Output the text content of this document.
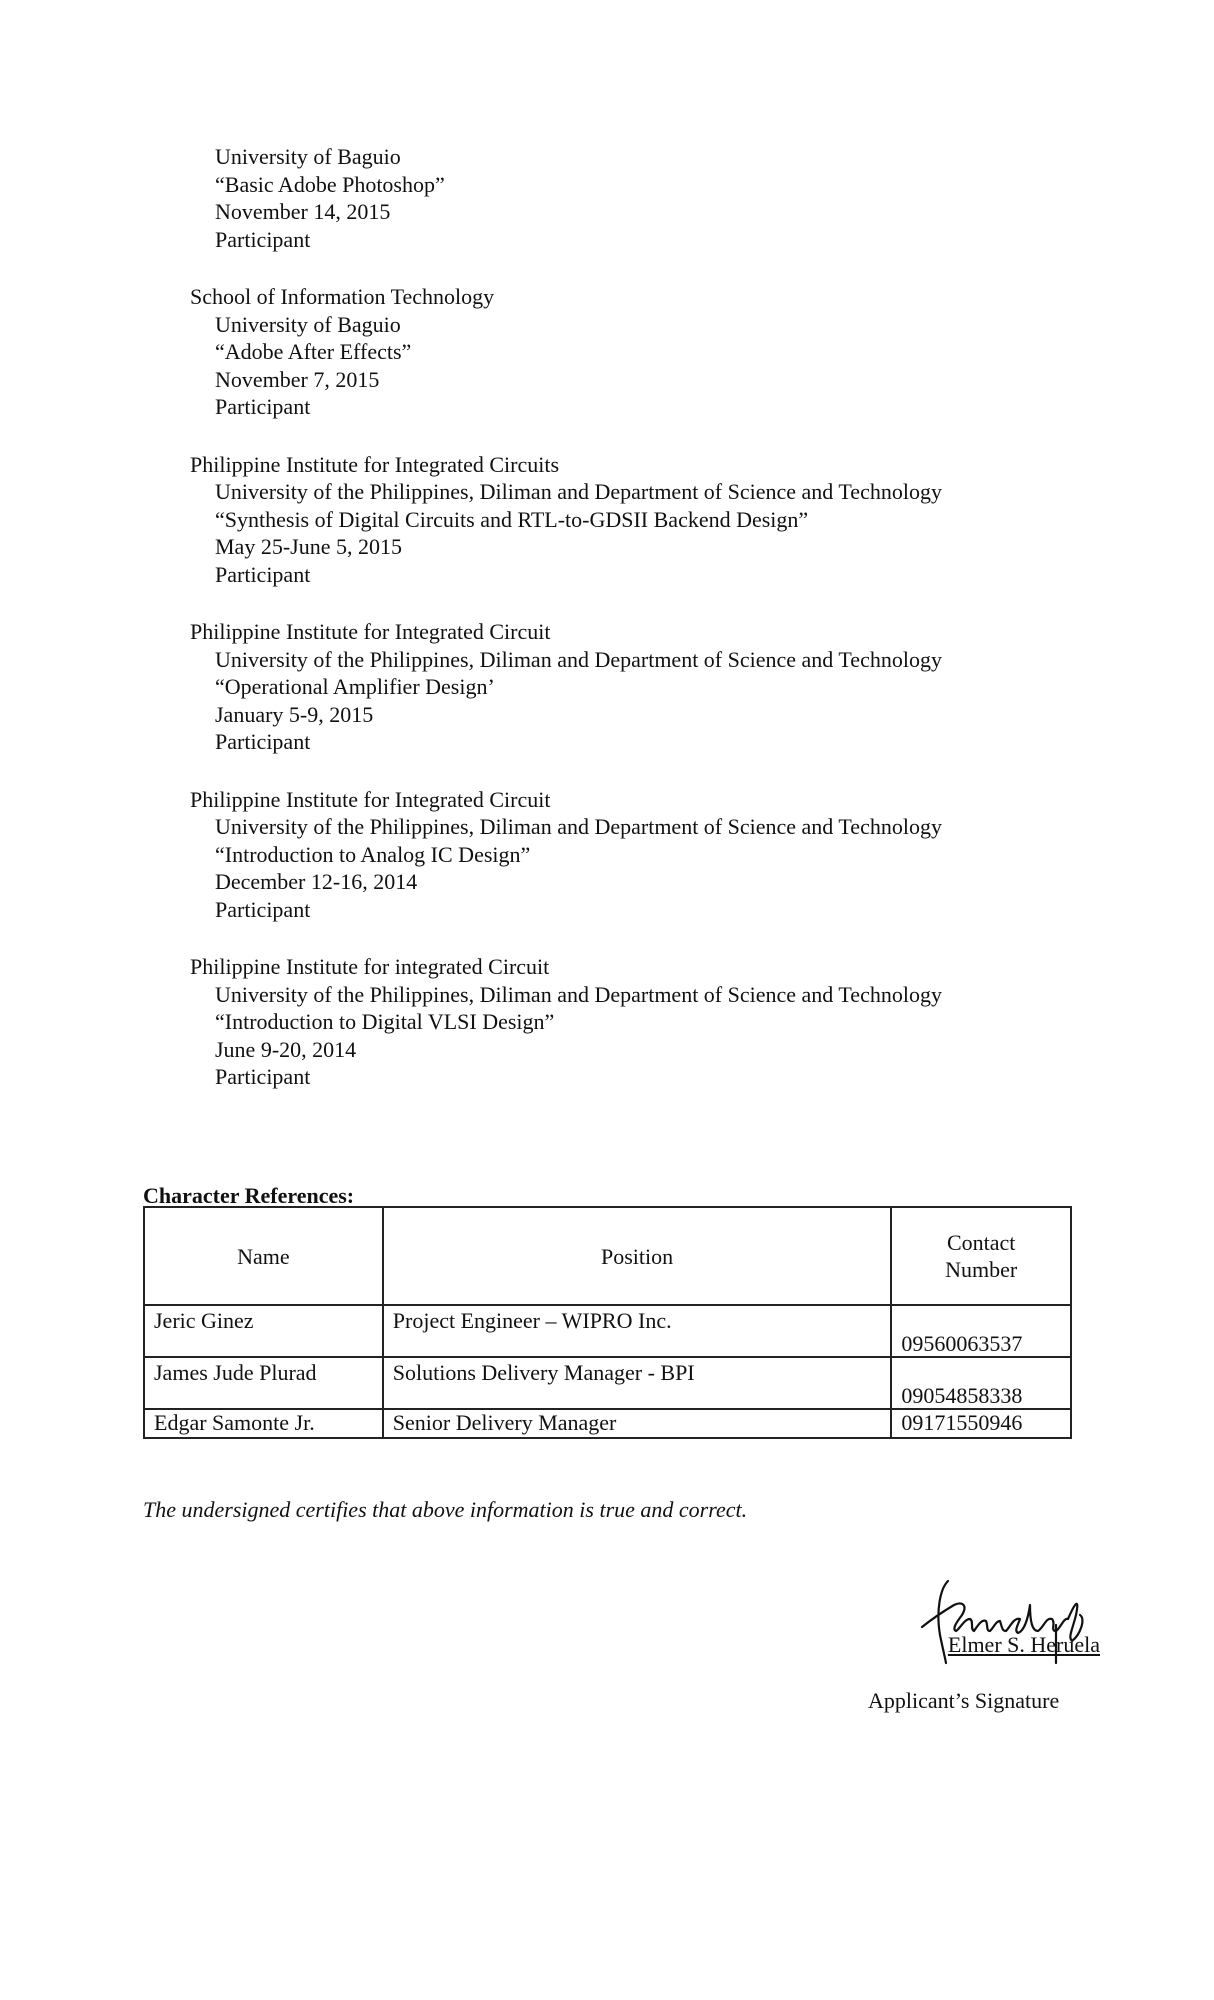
University of Baguio
“Basic Adobe Photoshop”
November 14, 2015
Participant
School of Information Technology
University of Baguio
“Adobe After Effects”
November 7, 2015
Participant
Philippine Institute for Integrated Circuits
University of the Philippines, Diliman and Department of Science and Technology
“Synthesis of Digital Circuits and RTL-to-GDSII Backend Design”
May 25-June 5, 2015
Participant
Philippine Institute for Integrated Circuit
University of the Philippines, Diliman and Department of Science and Technology
“Operational Amplifier Design’
January 5-9, 2015
Participant
Philippine Institute for Integrated Circuit
University of the Philippines, Diliman and Department of Science and Technology
“Introduction to Analog IC Design”
December 12-16, 2014
Participant
Philippine Institute for integrated Circuit
University of the Philippines, Diliman and Department of Science and Technology
“Introduction to Digital VLSI Design”
June 9-20, 2014
Participant
Character References:
Name	Position	Contact
Number
Jeric Ginez	Project Engineer – WIPRO Inc.	09560063537
James Jude Plurad	Solutions Delivery Manager - BPI	09054858338
Edgar Samonte Jr.	Senior Delivery Manager	09171550946
The undersigned certifies that above information is true and correct.
Elmer S. Heruela
Applicant’s Signature
